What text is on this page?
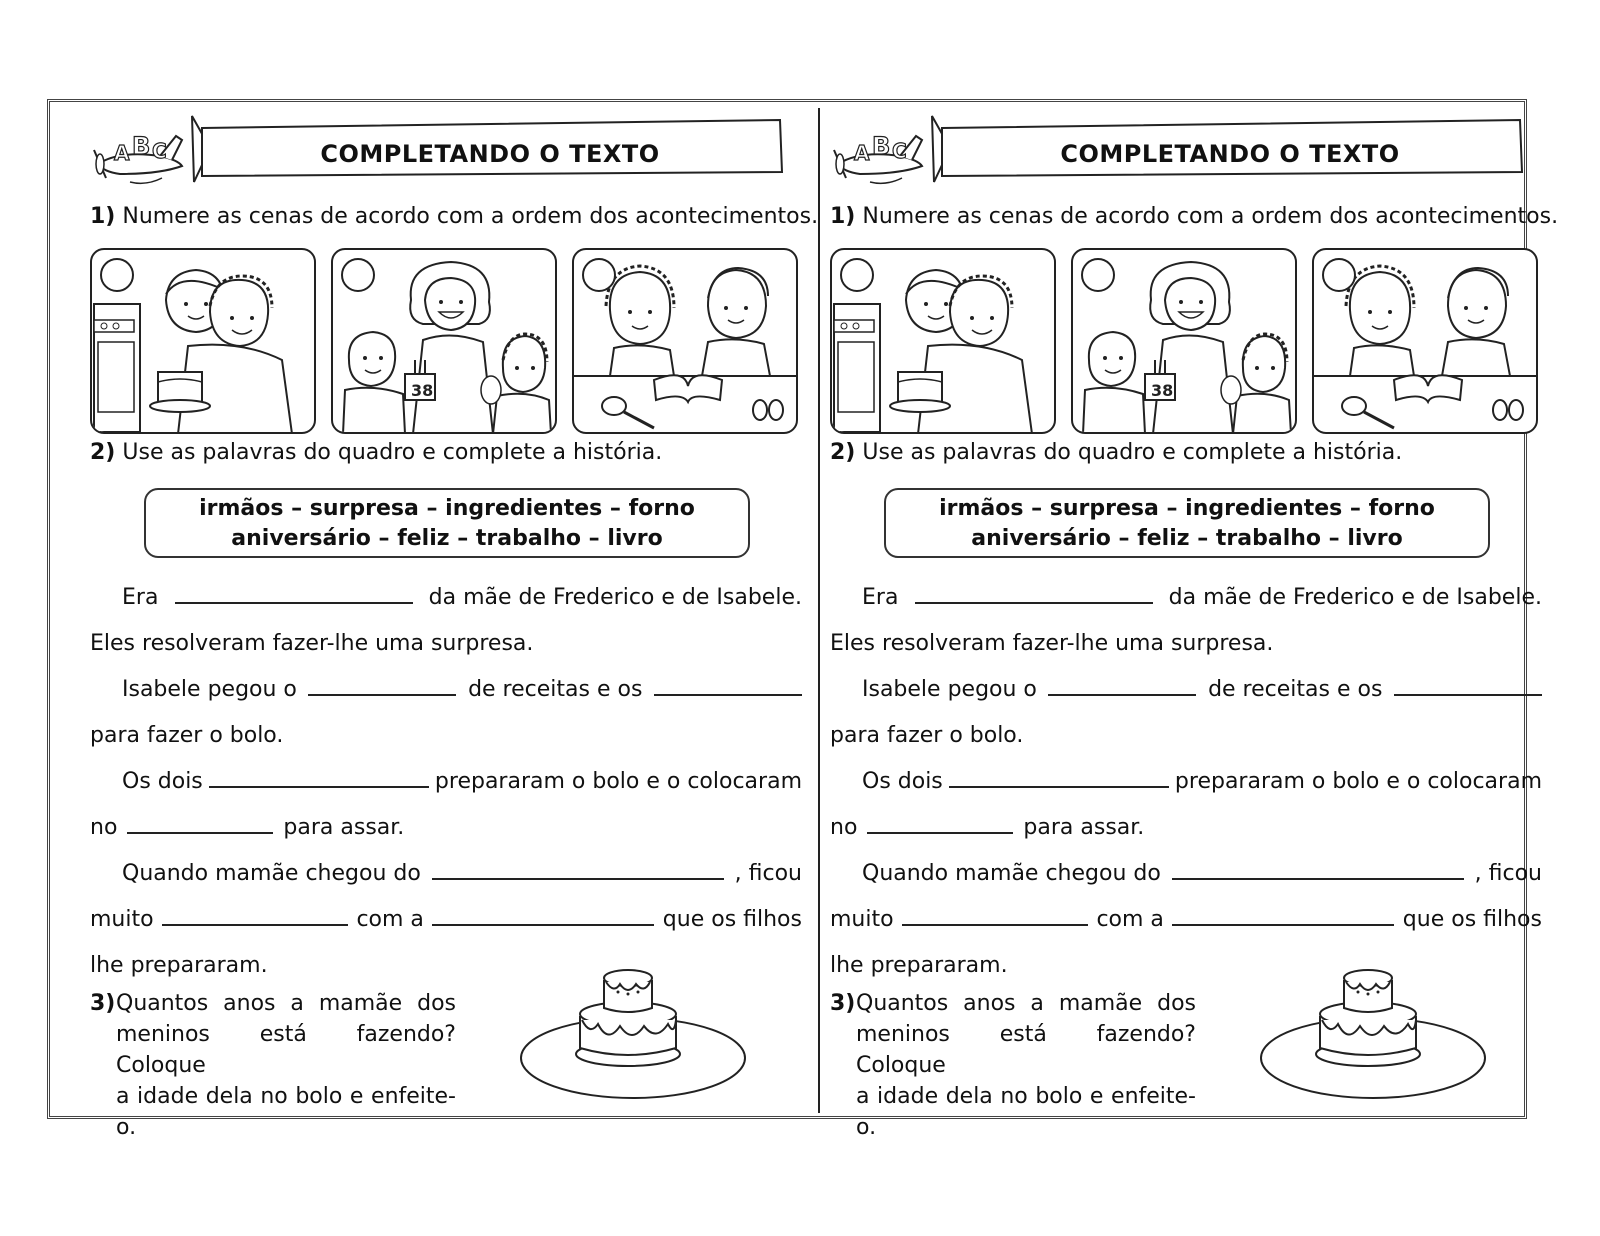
A B C	COMPLETANDO O TEXTO
1) Numere as cenas de acordo com a ordem dos acontecimentos.
38
2) Use as palavras do quadro e complete a história.
irmãos – surpresa – ingredientes – forno
aniversário – feliz – trabalho – livro
Era	da mãe de Frederico e de Isabele.
Eles resolveram fazer-lhe uma surpresa.
Isabele pegou o	de receitas e os
para fazer o bolo.
Os dois	prepararam o bolo e o colocaram
no	para assar.
Quando mamãe chegou do	, ficou
muito	com a	que os filhos
lhe prepararam.
3) Quantos anos a mamãe dos
meninos está fazendo? Coloque
a idade dela no bolo e enfeite-o.
A B C	COMPLETANDO O TEXTO
1) Numere as cenas de acordo com a ordem dos acontecimentos.
38
2) Use as palavras do quadro e complete a história.
irmãos – surpresa – ingredientes – forno
aniversário – feliz – trabalho – livro
Era	da mãe de Frederico e de Isabele.
Eles resolveram fazer-lhe uma surpresa.
Isabele pegou o	de receitas e os
para fazer o bolo.
Os dois	prepararam o bolo e o colocaram
no	para assar.
Quando mamãe chegou do	, ficou
muito	com a	que os filhos
lhe prepararam.
3) Quantos anos a mamãe dos
meninos está fazendo? Coloque
a idade dela no bolo e enfeite-o.
